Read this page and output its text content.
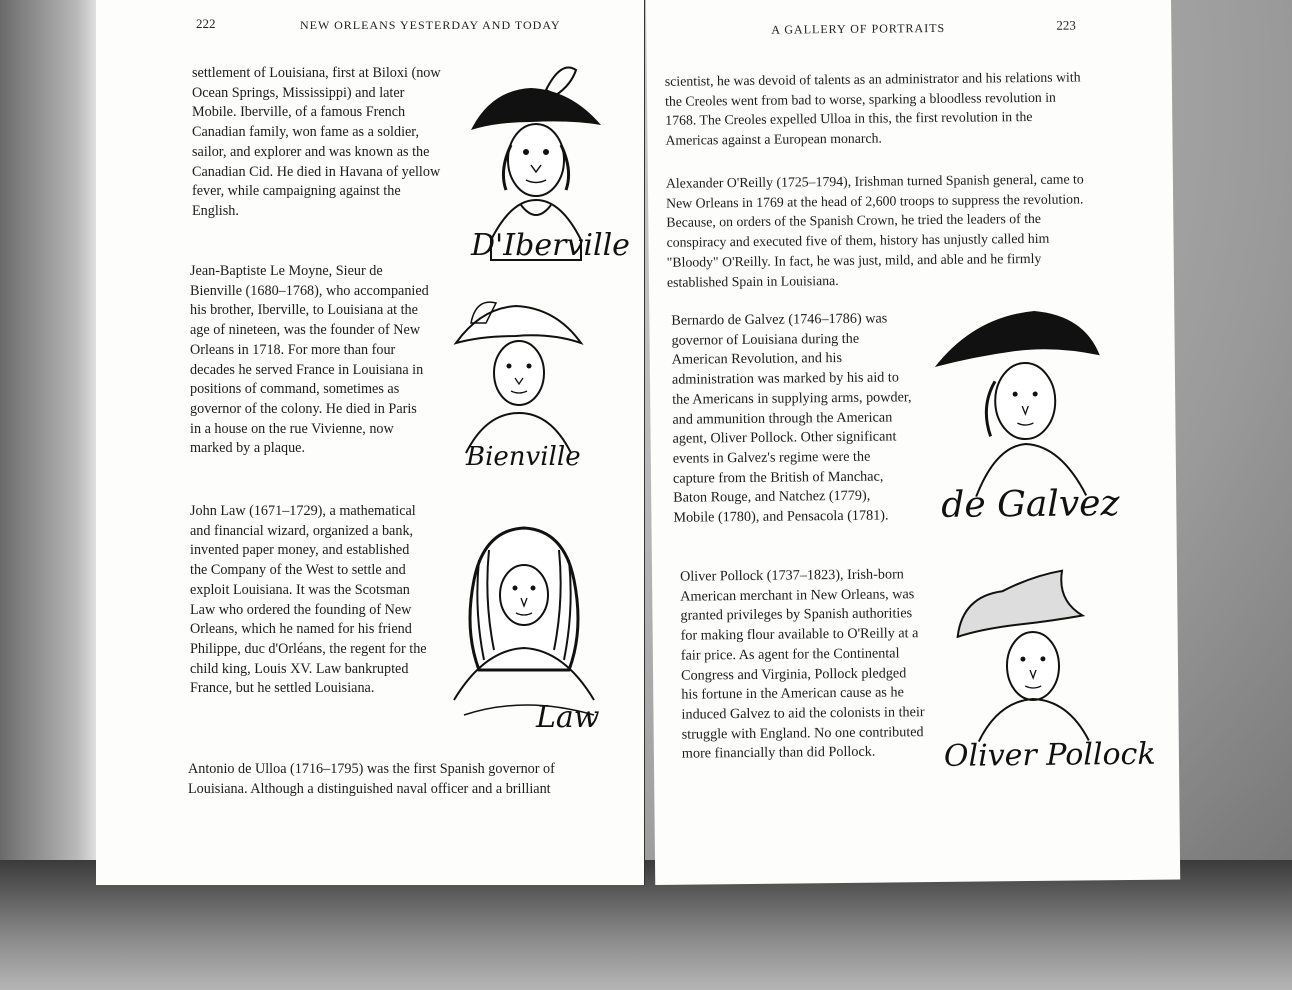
222	NEW ORLEANS YESTERDAY AND TODAY

settlement of Louisiana, first at Biloxi (now Ocean Springs, Mississippi) and later Mobile. Iberville, of a famous French Canadian family, won fame as a soldier, sailor, and explorer and was known as the Canadian Cid. He died in Havana of yellow fever, while campaigning against the English.

D'Iberville

Jean-Baptiste Le Moyne, Sieur de Bienville (1680–1768), who accompanied his brother, Iberville, to Louisiana at the age of nineteen, was the founder of New Orleans in 1718. For more than four decades he served France in Louisiana in positions of command, sometimes as governor of the colony. He died in Paris in a house on the rue Vivienne, now marked by a plaque.	Bienville

John Law (1671–1729), a mathematical and financial wizard, organized a bank, invented paper money, and established the Company of the West to settle and exploit Louisiana. It was the Scotsman Law who ordered the founding of New Orleans, which he named for his friend Philippe, duc d'Orléans, the regent for the child king, Louis XV. Law bankrupted France, but he settled Louisiana.

Law

Antonio de Ulloa (1716–1795) was the first Spanish governor of Louisiana. Although a distinguished naval officer and a brilliant

A GALLERY OF PORTRAITS	223

scientist, he was devoid of talents as an administrator and his relations with the Creoles went from bad to worse, sparking a bloodless revolution in 1768. The Creoles expelled Ulloa in this, the first revolution in the Americas against a European monarch.

Alexander O'Reilly (1725–1794), Irishman turned Spanish general, came to New Orleans in 1769 at the head of 2,600 troops to suppress the revolution. Because, on orders of the Spanish Crown, he tried the leaders of the conspiracy and executed five of them, history has unjustly called him "Bloody" O'Reilly. In fact, he was just, mild, and able and he firmly established Spain in Louisiana.

Bernardo de Galvez (1746–1786) was governor of Louisiana during the American Revolution, and his administration was marked by his aid to the Americans in supplying arms, powder, and ammunition through the American agent, Oliver Pollock. Other significant events in Galvez's regime were the capture from the British of Manchac, Baton Rouge, and Natchez (1779), Mobile (1780), and Pensacola (1781).	de Galvez

Oliver Pollock (1737–1823), Irish-born American merchant in New Orleans, was granted privileges by Spanish authorities for making flour available to O'Reilly at a fair price. As agent for the Continental Congress and Virginia, Pollock pledged his fortune in the American cause as he induced Galvez to aid the colonists in their struggle with England. No one contributed more financially than did Pollock.	Oliver Pollock
